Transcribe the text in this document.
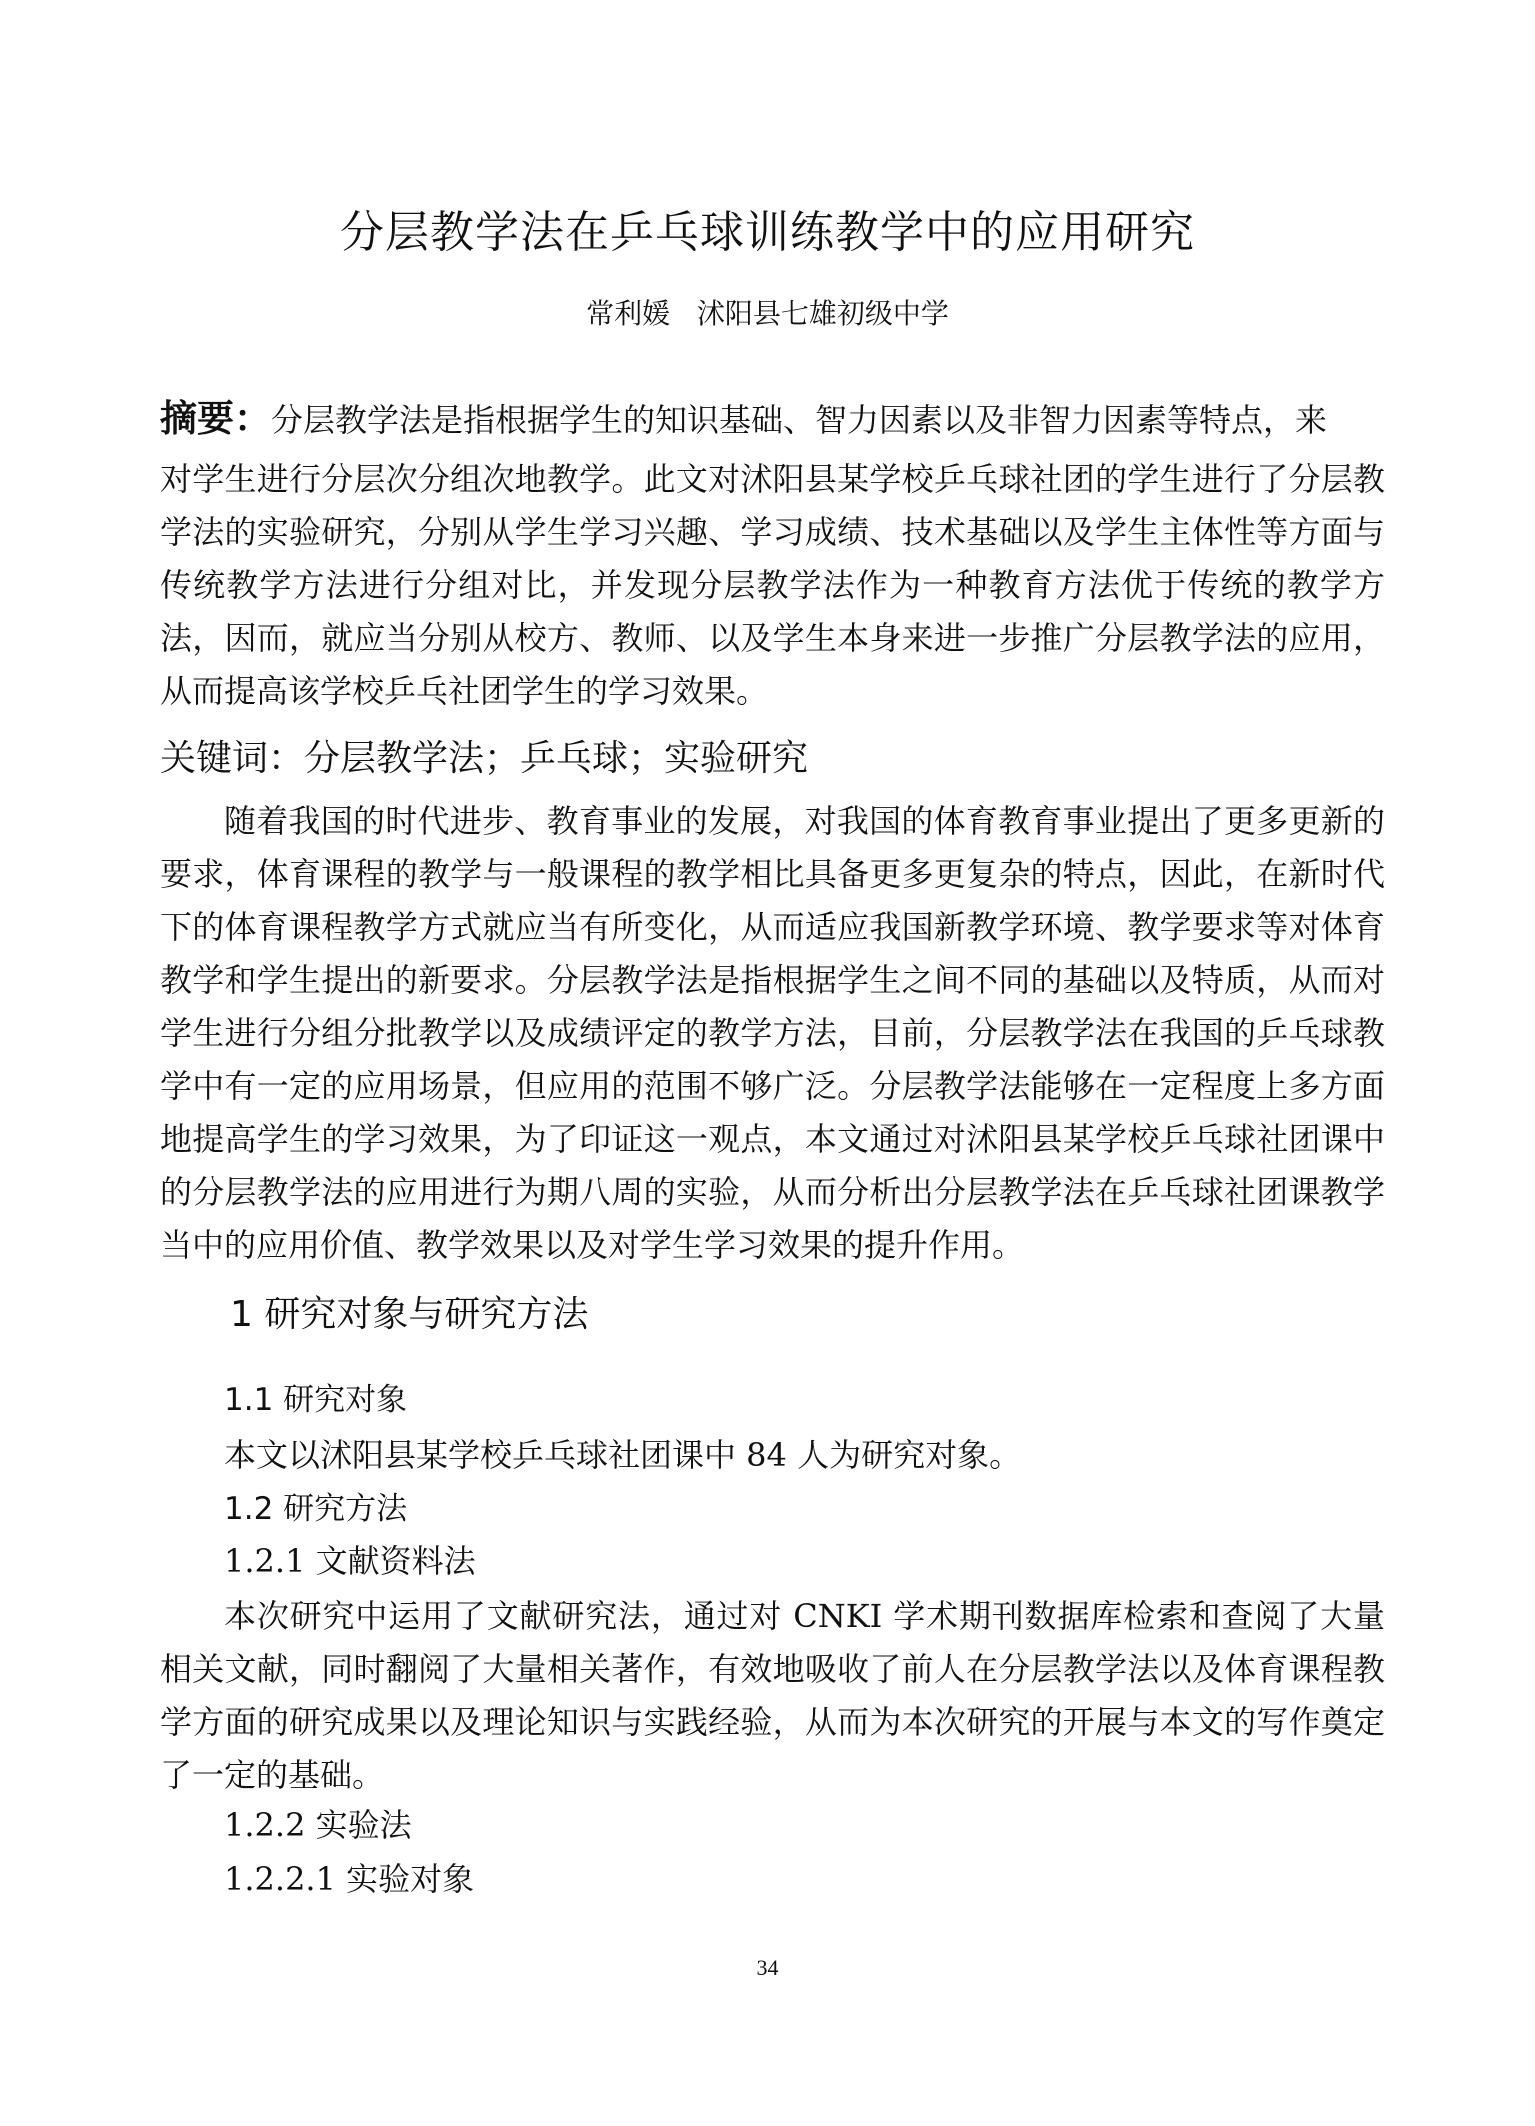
分层教学法在乒乓球训练教学中的应用研究
常利媛   沭阳县七雄初级中学
摘要：分层教学法是指根据学生的知识基础、智力因素以及非智力因素等特点，来
对学生进行分层次分组次地教学。此文对沭阳县某学校乒乓球社团的学生进行了分层教学法的实验研究，分别从学生学习兴趣、学习成绩、技术基础以及学生主体性等方面与传统教学方法进行分组对比，并发现分层教学法作为一种教育方法优于传统的教学方法，因而，就应当分别从校方、教师、以及学生本身来进一步推广分层教学法的应用，从而提高该学校乒乓社团学生的学习效果。
关键词：分层教学法；乒乓球；实验研究
随着我国的时代进步、教育事业的发展，对我国的体育教育事业提出了更多更新的要求，体育课程的教学与一般课程的教学相比具备更多更复杂的特点，因此，在新时代下的体育课程教学方式就应当有所变化，从而适应我国新教学环境、教学要求等对体育教学和学生提出的新要求。分层教学法是指根据学生之间不同的基础以及特质，从而对学生进行分组分批教学以及成绩评定的教学方法，目前，分层教学法在我国的乒乓球教学中有一定的应用场景，但应用的范围不够广泛。分层教学法能够在一定程度上多方面地提高学生的学习效果，为了印证这一观点，本文通过对沭阳县某学校乒乓球社团课中的分层教学法的应用进行为期八周的实验，从而分析出分层教学法在乒乓球社团课教学当中的应用价值、教学效果以及对学生学习效果的提升作用。
1 研究对象与研究方法
1.1 研究对象
本文以沭阳县某学校乒乓球社团课中 84 人为研究对象。
1.2 研究方法
1.2.1 文献资料法
本次研究中运用了文献研究法，通过对 CNKI 学术期刊数据库检索和查阅了大量相关文献，同时翻阅了大量相关著作，有效地吸收了前人在分层教学法以及体育课程教学方面的研究成果以及理论知识与实践经验，从而为本次研究的开展与本文的写作奠定了一定的基础。
1.2.2 实验法
1.2.2.1 实验对象
34
